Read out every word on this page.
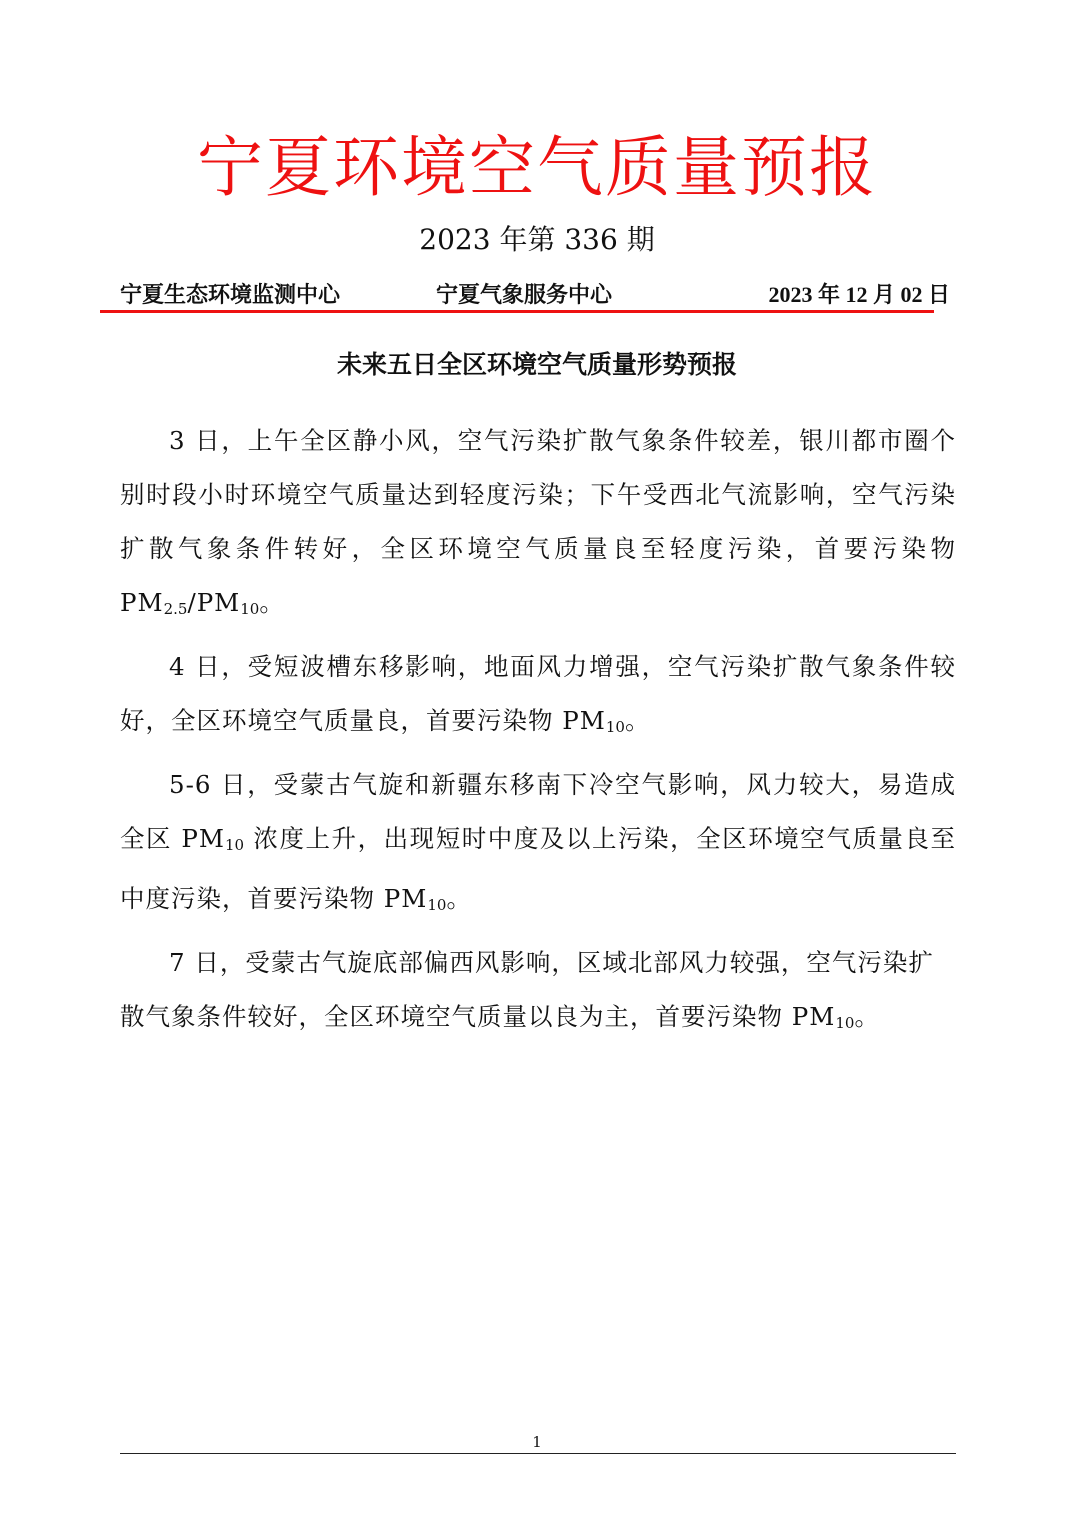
宁夏环境空气质量预报
2023 年第 336 期
宁夏生态环境监测中心	宁夏气象服务中心	2023 年 12 月 02 日
未来五日全区环境空气质量形势预报

3 日，上午全区静小风，空气污染扩散气象条件较差，银川都市圈个别时段小时环境空气质量达到轻度污染；下午受西北气流影响，空气污染扩散气象条件转好，全区环境空气质量良至轻度污染，首要污染物 $PM_{2.5}/PM_{10}$。

4 日，受短波槽东移影响，地面风力增强，空气污染扩散气象条件较好，全区环境空气质量良，首要污染物 $PM_{10}$。

5-6 日，受蒙古气旋和新疆东移南下冷空气影响，风力较大，易造成全区 $PM_{10}$ 浓度上升，出现短时中度及以上污染，全区环境空气质量良至中度污染，首要污染物 $PM_{10}$。

7 日，受蒙古气旋底部偏西风影响，区域北部风力较强，空气污染扩散气象条件较好，全区环境空气质量以良为主，首要污染物 $PM_{10}$。

1
